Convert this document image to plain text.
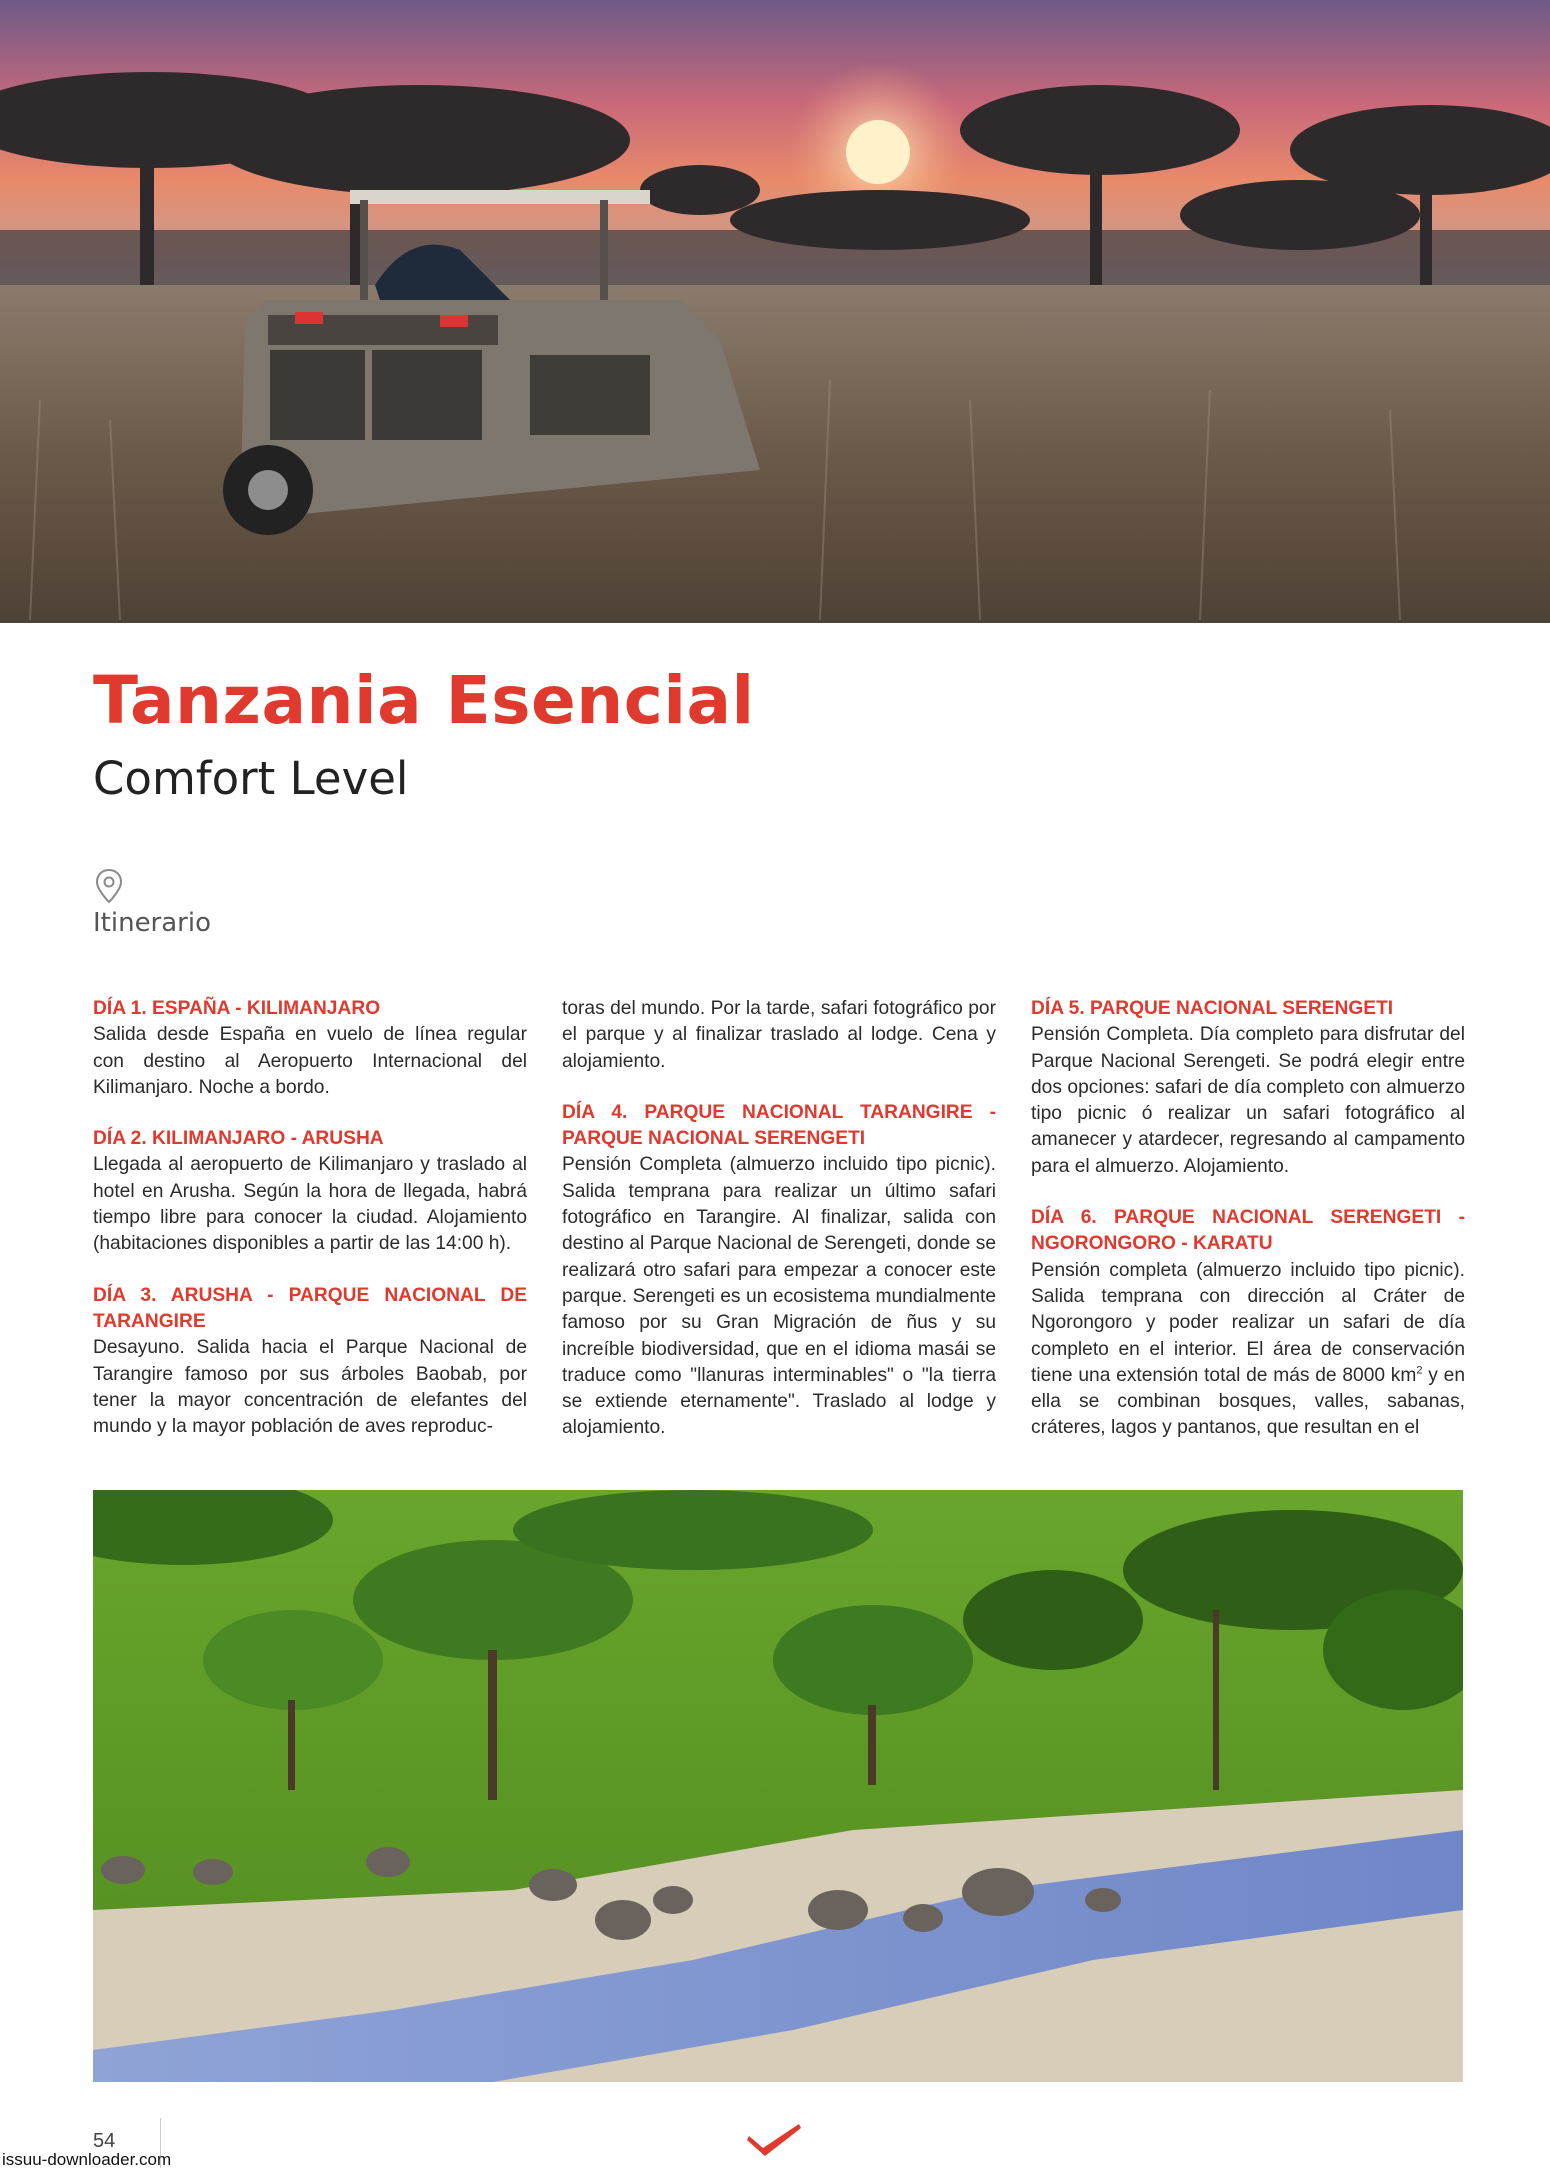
Tanzania Esencial
Comfort Level
Itinerario
DÍA 1. ESPAÑA - KILIMANJARO

Salida desde España en vuelo de línea regular con destino al Aeropuerto Internacional del Kilimanjaro. Noche a bordo.

DÍA 2. KILIMANJARO - ARUSHA

Llegada al aeropuerto de Kilimanjaro y traslado al hotel en Arusha. Según la hora de llegada, habrá tiempo libre para conocer la ciudad. Alojamiento (habitaciones disponibles a partir de las 14:00 h).

DÍA 3. ARUSHA - PARQUE NACIONAL DE TARANGIRE

Desayuno. Salida hacia el Parque Nacional de Tarangire famoso por sus árboles Baobab, por tener la mayor concentración de elefantes del mundo y la mayor población de aves reproduc-

toras del mundo. Por la tarde, safari fotográfico por el parque y al finalizar traslado al lodge. Cena y alojamiento.

DÍA 4. PARQUE NACIONAL TARANGIRE - PARQUE NACIONAL SERENGETI

Pensión Completa (almuerzo incluido tipo picnic). Salida temprana para realizar un último safari fotográfico en Tarangire. Al finalizar, salida con destino al Parque Nacional de Serengeti, donde se realizará otro safari para empezar a conocer este parque. Serengeti es un ecosistema mundialmente famoso por su Gran Migración de ñus y su increíble biodiversidad, que en el idioma masái se traduce como "llanuras interminables" o "la tierra se extiende eternamente". Traslado al lodge y alojamiento.

DÍA 5. PARQUE NACIONAL SERENGETI

Pensión Completa. Día completo para disfrutar del Parque Nacional Serengeti. Se podrá elegir entre dos opciones: safari de día completo con almuerzo tipo picnic ó realizar un safari fotográfico al amanecer y atardecer, regresando al campamento para el almuerzo. Alojamiento.

DÍA 6. PARQUE NACIONAL SERENGETI - NGORONGORO - KARATU

Pensión completa (almuerzo incluido tipo picnic). Salida temprana con dirección al Cráter de Ngorongoro y poder realizar un safari de día completo en el interior. El área de conservación tiene una extensión total de más de 8000 $km^2$ y en ella se combinan bosques, valles, sabanas, cráteres, lagos y pantanos, que resultan en el

54
issuu-downloader.com
